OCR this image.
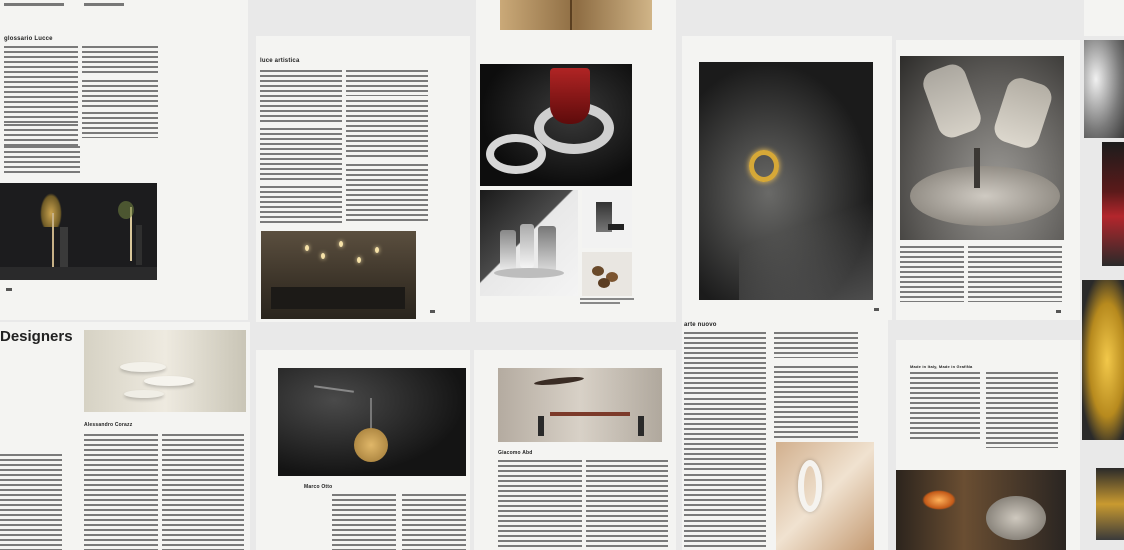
glossario Lucce
luce artistica
Designers
Alessandro Corazz
Marco Otto
Giacomo Abd
arte nuovo
Made in Italy, Made in GrafiNa
